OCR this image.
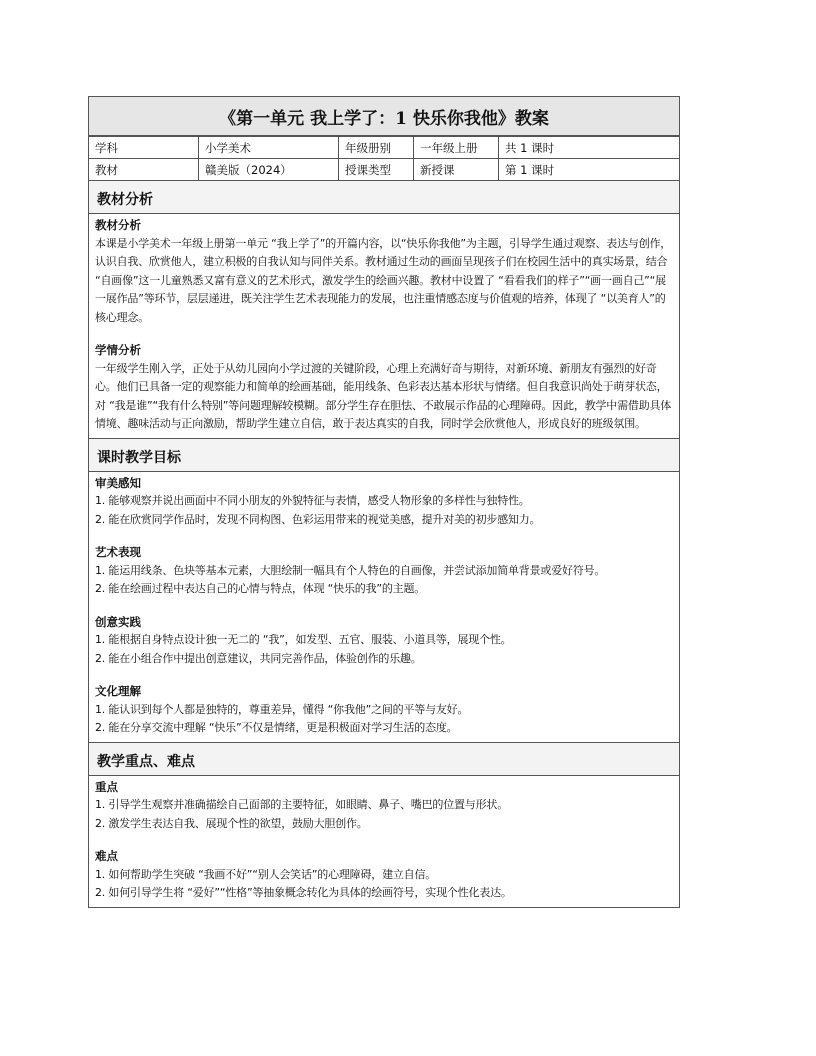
《第一单元 我上学了：1 快乐你我他》教案
学科	小学美术	年级册别	一年级上册	共 1 课时
教材	赣美版（2024）	授课类型	新授课	第 1 课时
教材分析

教材分析

本课是小学美术一年级上册第一单元 “我上学了”的开篇内容，以“快乐你我他”为主题，引导学生通过观察、表达与创作，认识自我、欣赏他人，建立积极的自我认知与同伴关系。教材通过生动的画面呈现孩子们在校园生活中的真实场景，结合 “自画像”这一儿童熟悉又富有意义的艺术形式，激发学生的绘画兴趣。教材中设置了 “看看我们的样子”“画一画自己”“展一展作品”等环节，层层递进，既关注学生艺术表现能力的发展，也注重情感态度与价值观的培养，体现了 “以美育人”的核心理念。

学情分析

一年级学生刚入学，正处于从幼儿园向小学过渡的关键阶段，心理上充满好奇与期待，对新环境、新朋友有强烈的好奇心。他们已具备一定的观察能力和简单的绘画基础，能用线条、色彩表达基本形状与情绪。但自我意识尚处于萌芽状态，对 “我是谁”“我有什么特别”等问题理解较模糊。部分学生存在胆怯、不敢展示作品的心理障碍。因此，教学中需借助具体情境、趣味活动与正向激励，帮助学生建立自信，敢于表达真实的自我，同时学会欣赏他人，形成良好的班级氛围。

课时教学目标

审美感知

1. 能够观察并说出画面中不同小朋友的外貌特征与表情，感受人物形象的多样性与独特性。

2. 能在欣赏同学作品时，发现不同构图、色彩运用带来的视觉美感，提升对美的初步感知力。

艺术表现

1. 能运用线条、色块等基本元素，大胆绘制一幅具有个人特色的自画像，并尝试添加简单背景或爱好符号。

2. 能在绘画过程中表达自己的心情与特点，体现 “快乐的我”的主题。

创意实践

1. 能根据自身特点设计独一无二的 “我”，如发型、五官、服装、小道具等，展现个性。

2. 能在小组合作中提出创意建议，共同完善作品，体验创作的乐趣。

文化理解

1. 能认识到每个人都是独特的，尊重差异，懂得 “你我他”之间的平等与友好。

2. 能在分享交流中理解 “快乐”不仅是情绪，更是积极面对学习生活的态度。

教学重点、难点

重点

1. 引导学生观察并准确描绘自己面部的主要特征，如眼睛、鼻子、嘴巴的位置与形状。

2. 激发学生表达自我、展现个性的欲望，鼓励大胆创作。

难点

1. 如何帮助学生突破 “我画不好”“别人会笑话”的心理障碍，建立自信。

2. 如何引导学生将 “爱好”“性格”等抽象概念转化为具体的绘画符号，实现个性化表达。
